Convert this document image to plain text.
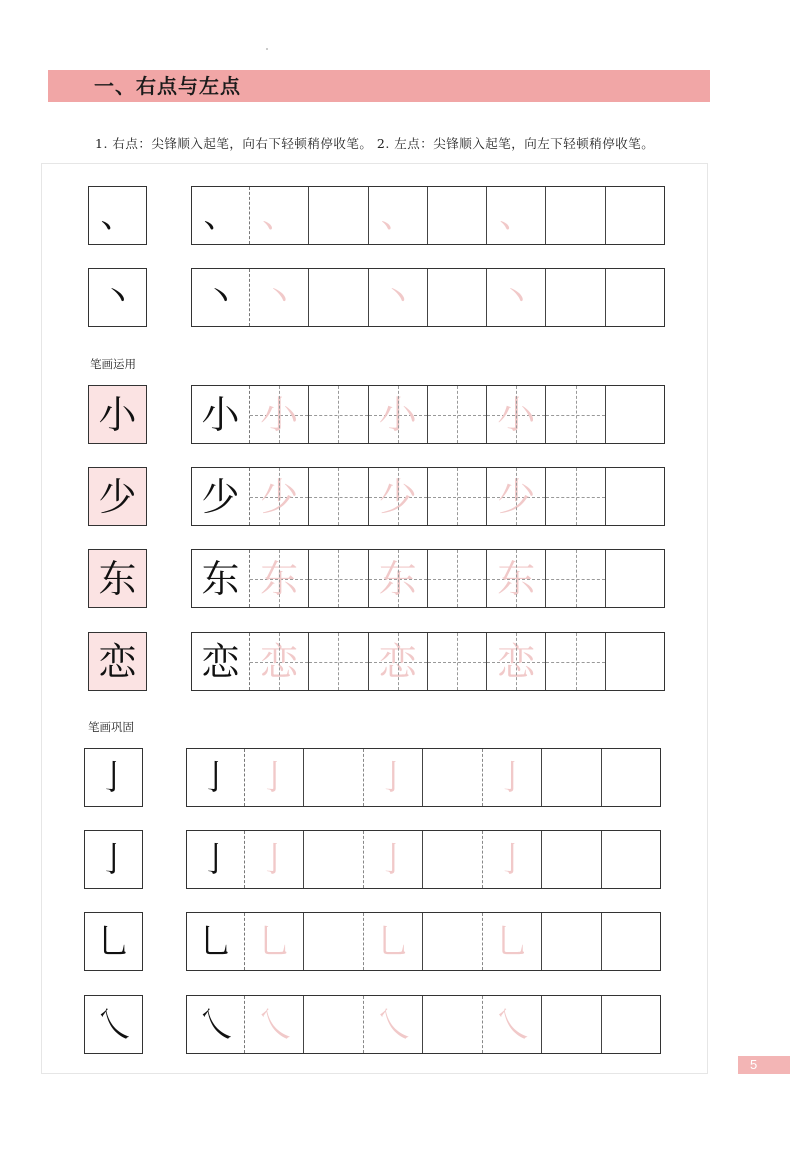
一、右点与左点
1. 右点：尖锋顺入起笔，向右下轻顿稍停收笔。 2. 左点：尖锋顺入起笔，向左下轻顿稍停收笔。
、	、 、	、	、
丶	丶 丶	丶	丶
笔画运用
小 小 小 小 小
少 少 少 少 少
东 东 东 东 东
恋 恋 恋 恋 恋
笔画巩固
亅	亅 亅	亅	亅
亅	亅 亅	亅	亅
乚	乚 乚	乚	乚
乀	乀 乀	乀	乀
5
